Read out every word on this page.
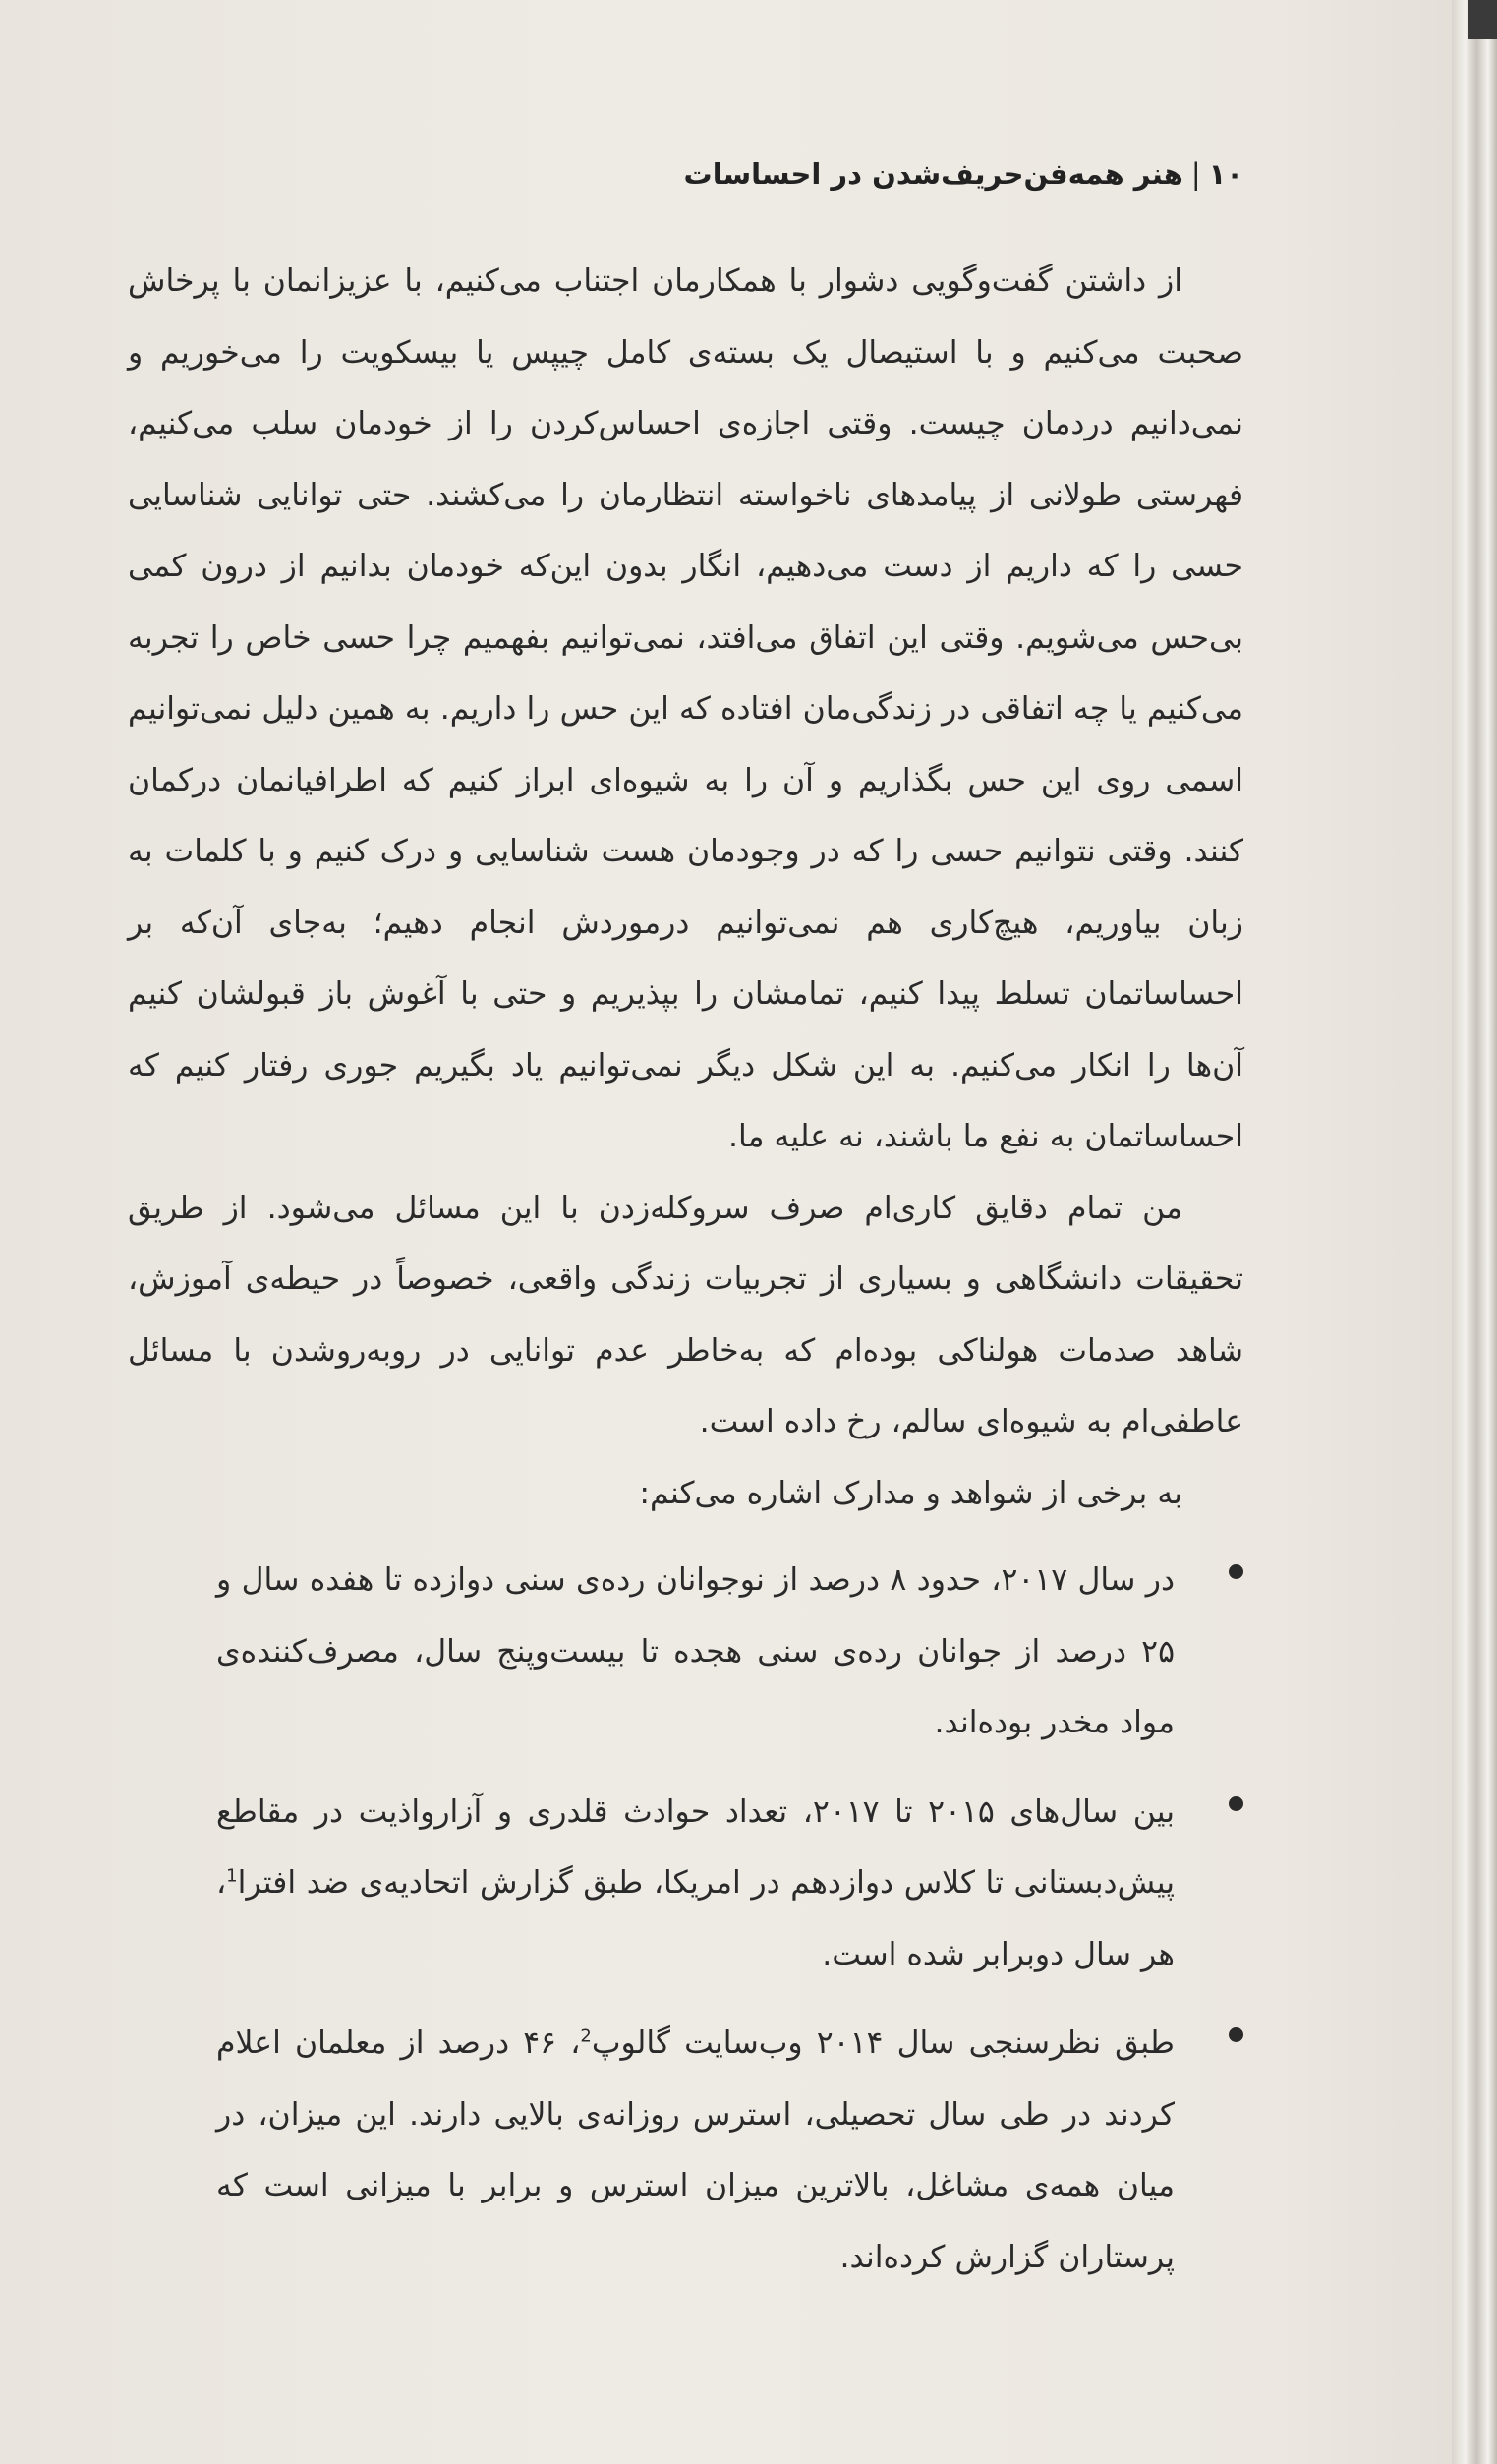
۱۰|هنر همه‌فن‌حریف‌شدن در احساسات

از داشتن گفت‌وگویی دشوار با همکارمان اجتناب می‌کنیم، با عزیزانمان با پرخاش صحبت می‌کنیم و با استیصال یک بسته‌ی کامل چیپس یا بیسکویت را می‌خوریم و نمی‌دانیم دردمان چیست. وقتی اجازه‌ی احساس‌کردن را از خودمان سلب می‌کنیم، فهرستی طولانی از پیامدهای ناخواسته انتظارمان را می‌کشند. حتی توانایی شناسایی حسی را که داریم از دست می‌دهیم، انگار بدون این‌که خودمان بدانیم از درون کمی بی‌حس می‌شویم. وقتی این اتفاق می‌افتد، نمی‌توانیم بفهمیم چرا حسی خاص را تجربه می‌کنیم یا چه اتفاقی در زندگی‌مان افتاده که این حس را داریم. به همین دلیل نمی‌توانیم اسمی روی این حس بگذاریم و آن را به شیوه‌ای ابراز کنیم که اطرافیانمان درکمان کنند. وقتی نتوانیم حسی را که در وجودمان هست شناسایی و درک کنیم و با کلمات به زبان بیاوریم، هیچ‌کاری هم نمی‌توانیم درموردش انجام دهیم؛ به‌جای آن‌که بر احساساتمان تسلط پیدا کنیم، تمامشان را بپذیریم و حتی با آغوش باز قبولشان کنیم آن‌ها را انکار می‌کنیم. به این شکل دیگر نمی‌توانیم یاد بگیریم جوری رفتار کنیم که احساساتمان به نفع ما باشند، نه علیه ما.

من تمام دقایق کاری‌ام صرف سروکله‌زدن با این مسائل می‌شود. از طریق تحقیقات دانشگاهی و بسیاری از تجربیات زندگی واقعی، خصوصاً در حیطه‌ی آموزش، شاهد صدمات هولناکی بوده‌ام که به‌خاطر عدم توانایی در روبه‌روشدن با مسائل عاطفی‌ام به شیوه‌ای سالم، رخ داده است.

به برخی از شواهد و مدارک اشاره می‌کنم:

در سال ۲۰۱۷، حدود ۸ درصد از نوجوانان رده‌ی سنی دوازده تا هفده سال و ۲۵ درصد از جوانان رده‌ی سنی هجده تا بیست‌وپنج سال، مصرف‌کننده‌ی مواد مخدر بوده‌اند.
بین سال‌های ۲۰۱۵ تا ۲۰۱۷، تعداد حوادث قلدری و آزارواذیت در مقاطع پیش‌دبستانی تا کلاس دوازدهم در امریکا، طبق گزارش اتحادیه‌ی ضد افترا$^1$، هر سال دوبرابر شده است.
طبق نظرسنجی سال ۲۰۱۴ وب‌سایت گالوپ$^2$، ۴۶ درصد از معلمان اعلام کردند در طی سال تحصیلی، استرس روزانه‌ی بالایی دارند. این میزان، در میان همه‌ی مشاغل، بالاترین میزان استرس و برابر با میزانی است که پرستاران گزارش کرده‌اند.
